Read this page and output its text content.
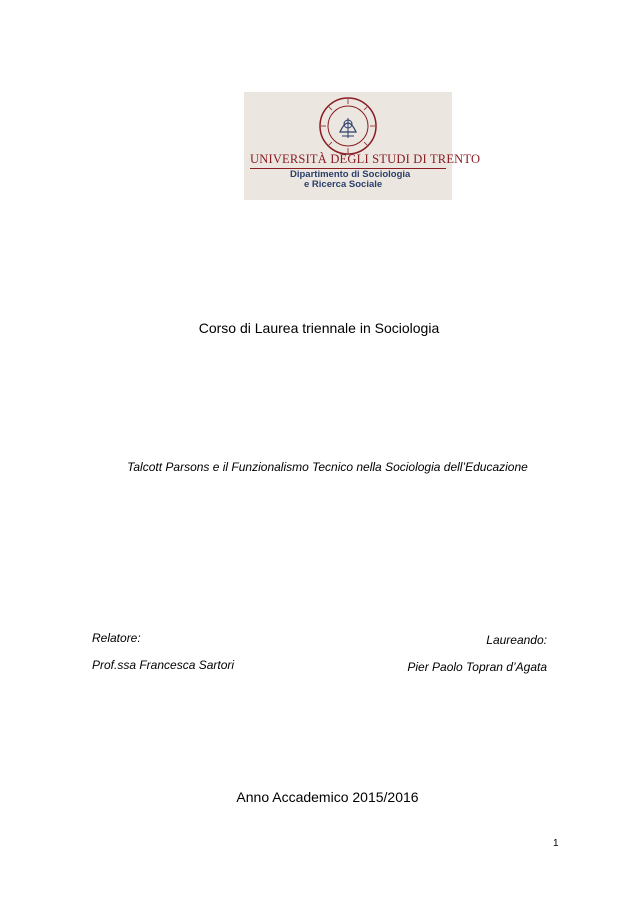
UNIVERSITÀ DEGLI STUDI DI TRENTO
Dipartimento di Sociologia
e Ricerca Sociale
Corso di Laurea triennale in Sociologia
Talcott Parsons e il Funzionalismo Tecnico nella Sociologia dell’Educazione
Relatore:
Prof.ssa Francesca Sartori
Laureando:
Pier Paolo Topran d’Agata
Anno Accademico 2015/2016
1
